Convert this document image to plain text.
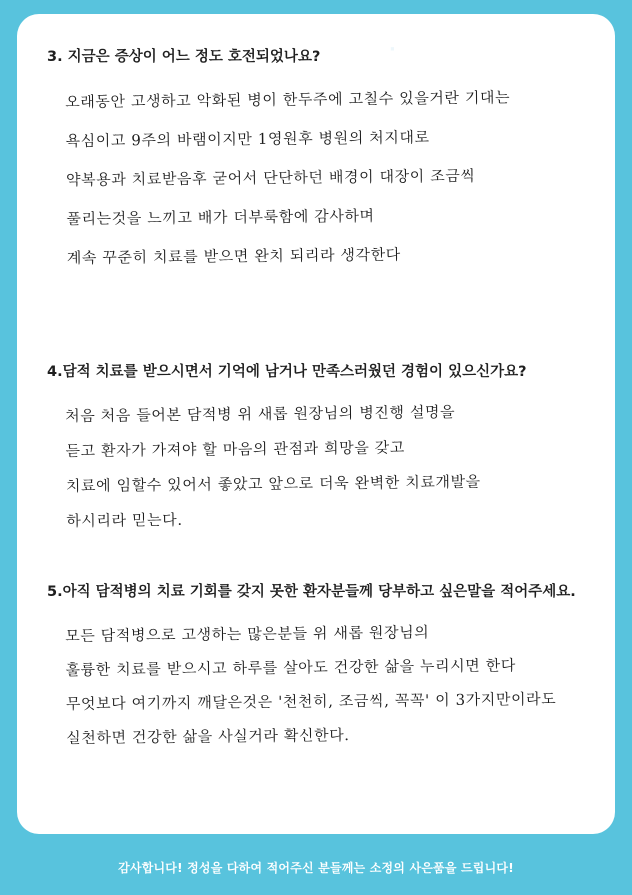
·
3. 지금은 증상이 어느 정도 호전되었나요?
오래동안 고생하고 악화된 병이 한두주에 고칠수 있을거란 기대는
욕심이고 9주의 바램이지만 1영원후 병원의 처지대로
약복용과 치료받음후 굳어서 단단하던 배경이 대장이 조금씩
풀리는것을 느끼고 배가 더부룩함에 감사하며
계속 꾸준히 치료를 받으면 완치 되리라 생각한다
4.담적 치료를 받으시면서 기억에 남거나 만족스러웠던 경험이 있으신가요?
처음 처음 들어본 담적병 위 새롭 원장님의 병진행 설명을
듣고 환자가 가져야 할 마음의 관점과 희망을 갖고
치료에 임할수 있어서 좋았고 앞으로 더욱 완벽한 치료개발을
하시리라 믿는다.
5.아직 담적병의 치료 기회를 갖지 못한 환자분들께 당부하고 싶은말을 적어주세요.
모든 담적병으로 고생하는 많은분들 위 새롭 원장님의
훌륭한 치료를 받으시고 하루를 살아도 건강한 삶을 누리시면 한다
무엇보다 여기까지 깨달은것은 '천천히, 조금씩, 꼭꼭' 이 3가지만이라도
실천하면 건강한 삶을 사실거라 확신한다.

감사합니다! 정성을 다하여 적어주신 분들께는 소정의 사은품을 드립니다!
